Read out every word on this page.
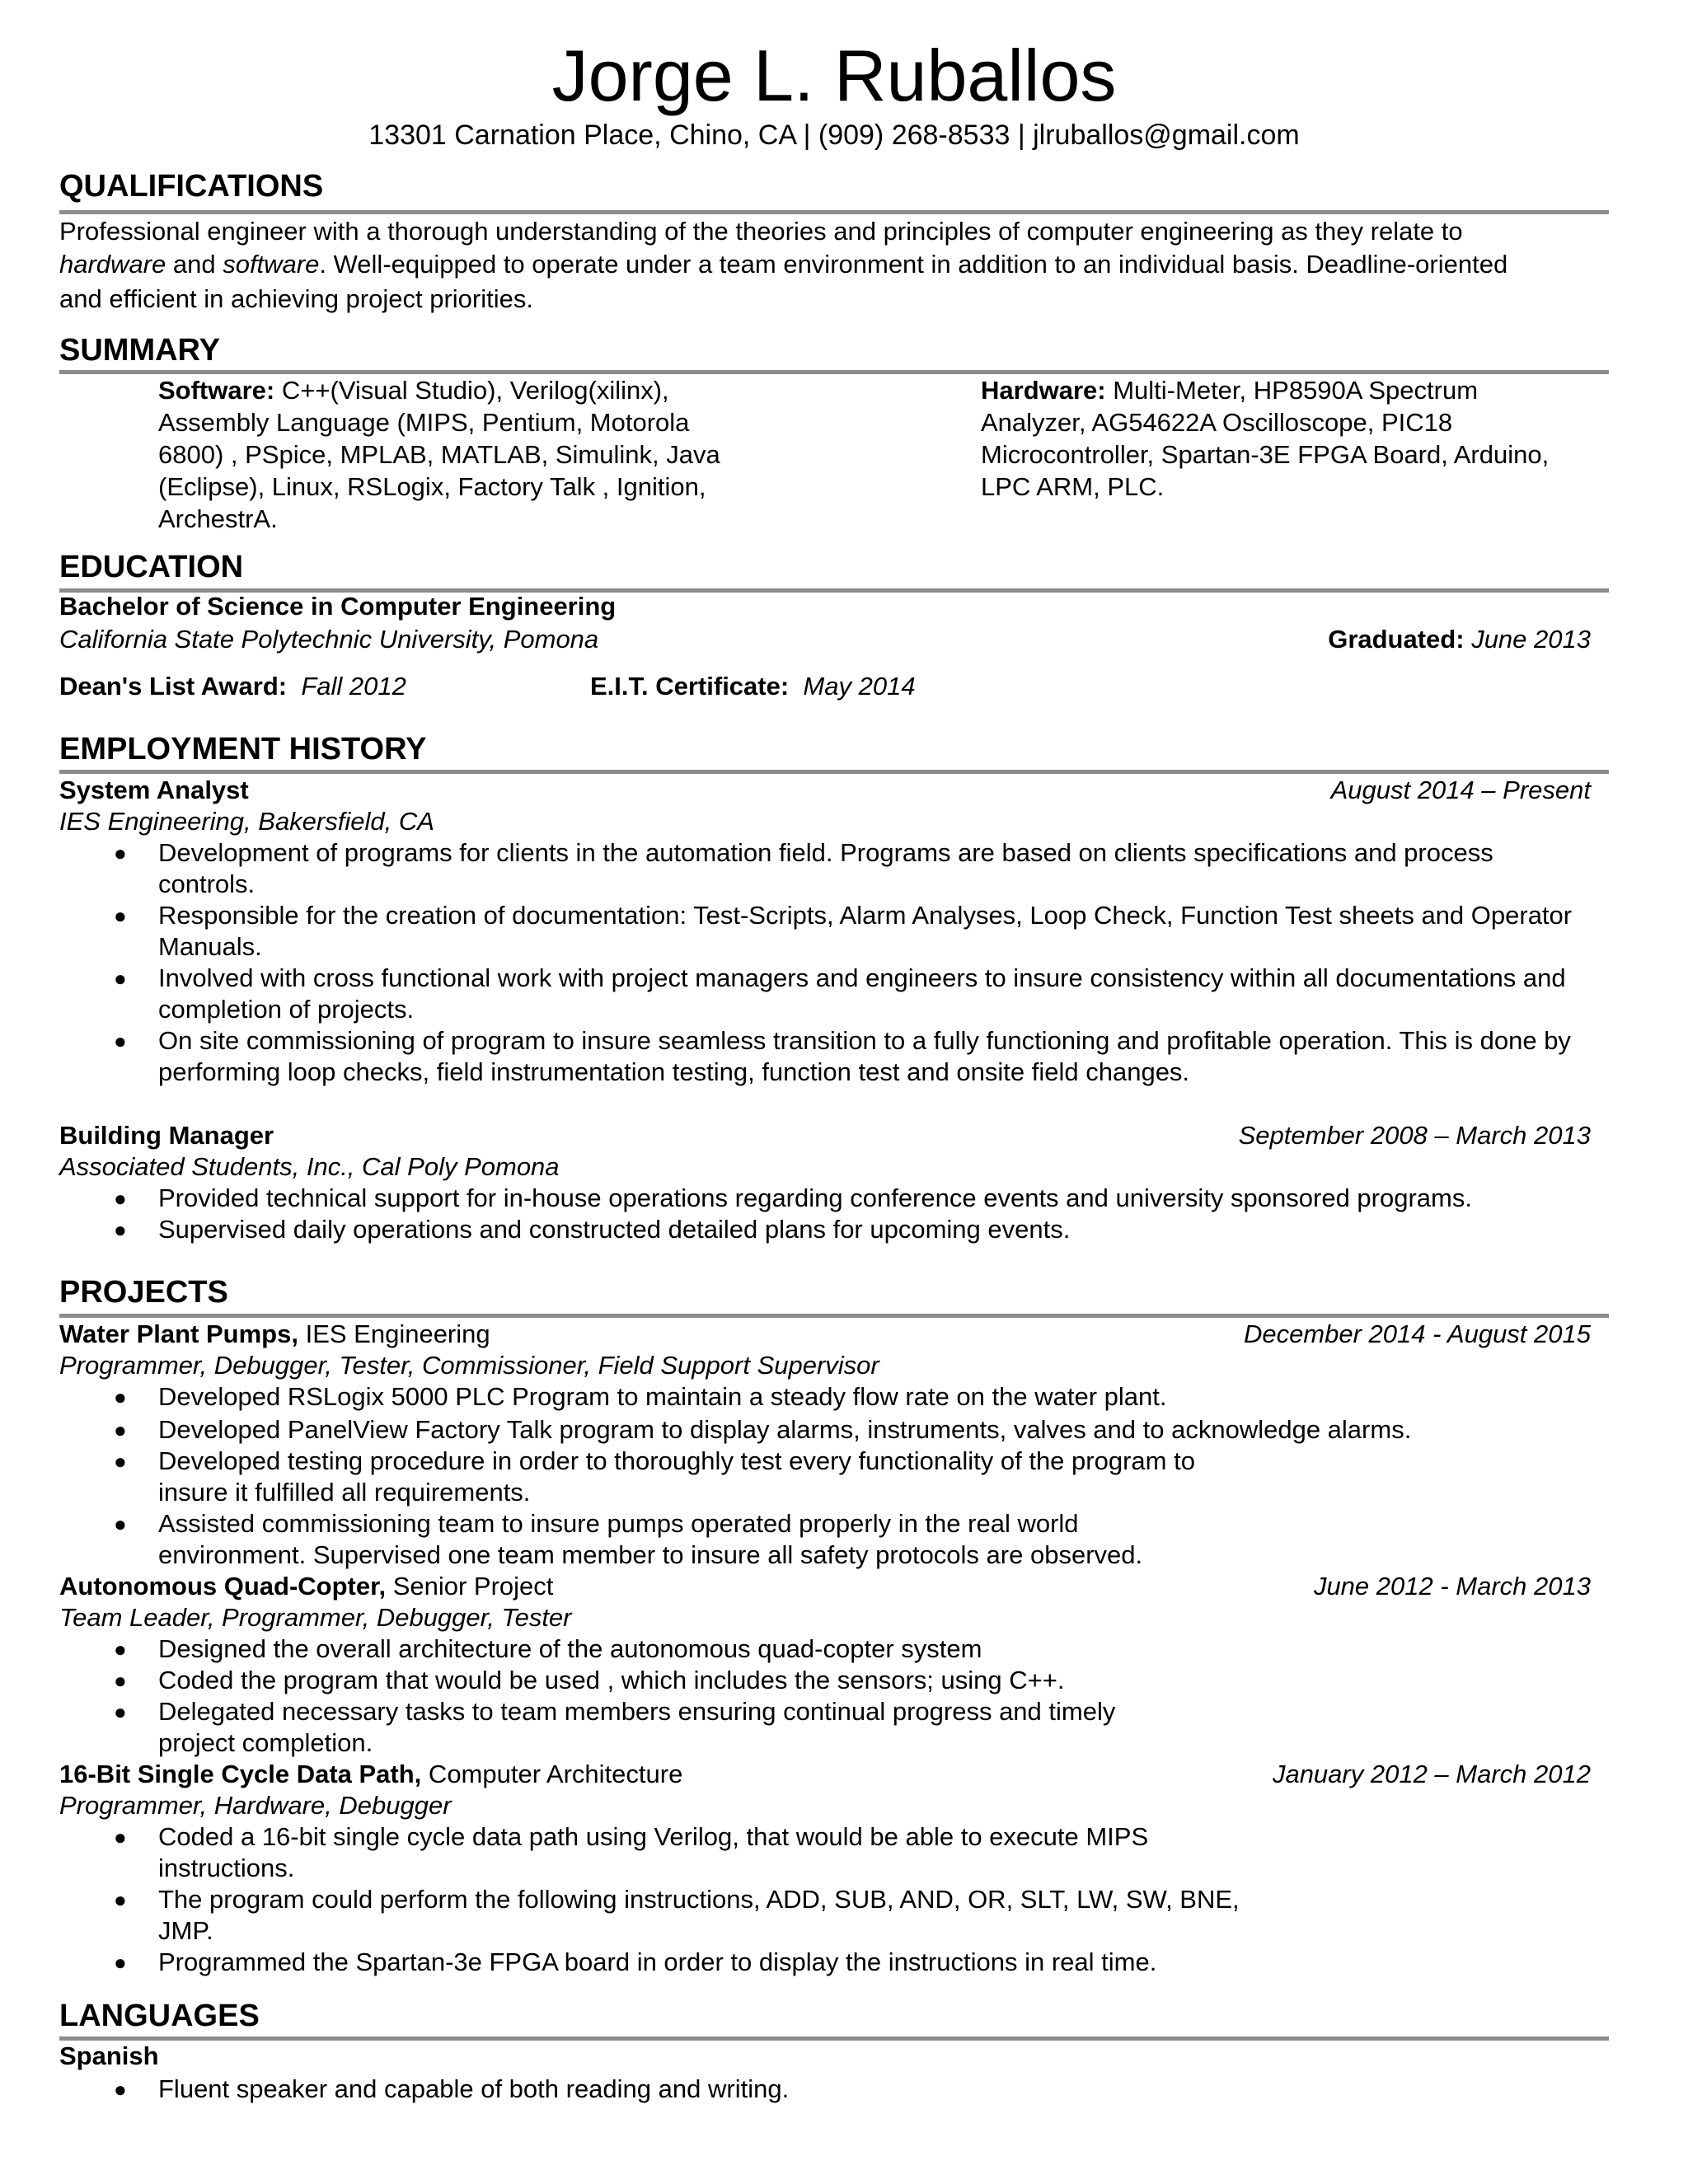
Jorge L. Ruballos
13301 Carnation Place, Chino, CA | (909) 268-8533 | jlruballos@gmail.com
QUALIFICATIONS
Professional engineer with a thorough understanding of the theories and principles of computer engineering as they relate to
hardware and software. Well-equipped to operate under a team environment in addition to an individual basis. Deadline-oriented
and efficient in achieving project priorities.
SUMMARY
Software: C++(Visual Studio), Verilog(xilinx),
Assembly Language (MIPS, Pentium, Motorola
6800) , PSpice, MPLAB, MATLAB, Simulink, Java
(Eclipse), Linux, RSLogix, Factory Talk , Ignition,
ArchestrA.
Hardware: Multi-Meter, HP8590A Spectrum
Analyzer, AG54622A Oscilloscope, PIC18
Microcontroller, Spartan-3E FPGA Board, Arduino,
LPC ARM, PLC.
EDUCATION
Bachelor of Science in Computer Engineering
California State Polytechnic University, Pomona	Graduated: June 2013
Dean's List Award: Fall 2012	E.I.T. Certificate: May 2014
EMPLOYMENT HISTORY
System Analyst	August 2014 – Present
IES Engineering, Bakersfield, CA
● Development of programs for clients in the automation field. Programs are based on clients specifications and process controls.
● Responsible for the creation of documentation: Test-Scripts, Alarm Analyses, Loop Check, Function Test sheets and Operator Manuals.
● Involved with cross functional work with project managers and engineers to insure consistency within all documentations and completion of projects.
● On site commissioning of program to insure seamless transition to a fully functioning and profitable operation. This is done by performing loop checks, field instrumentation testing, function test and onsite field changes.
Building Manager	September 2008 – March 2013
Associated Students, Inc., Cal Poly Pomona
● Provided technical support for in-house operations regarding conference events and university sponsored programs.
● Supervised daily operations and constructed detailed plans for upcoming events.
PROJECTS
Water Plant Pumps, IES Engineering	December 2014 - August 2015
Programmer, Debugger, Tester, Commissioner, Field Support Supervisor
● Developed RSLogix 5000 PLC Program to maintain a steady flow rate on the water plant.
● Developed PanelView Factory Talk program to display alarms, instruments, valves and to acknowledge alarms.
● Developed testing procedure in order to thoroughly test every functionality of the program to insure it fulfilled all requirements.
● Assisted commissioning team to insure pumps operated properly in the real world environment. Supervised one team member to insure all safety protocols are observed.
Autonomous Quad-Copter, Senior Project	June 2012 - March 2013
Team Leader, Programmer, Debugger, Tester
● Designed the overall architecture of the autonomous quad-copter system
● Coded the program that would be used , which includes the sensors; using C++.
● Delegated necessary tasks to team members ensuring continual progress and timely project completion.
16-Bit Single Cycle Data Path, Computer Architecture	January 2012 – March 2012
Programmer, Hardware, Debugger
● Coded a 16-bit single cycle data path using Verilog, that would be able to execute MIPS instructions.
● The program could perform the following instructions, ADD, SUB, AND, OR, SLT, LW, SW, BNE, JMP.
● Programmed the Spartan-3e FPGA board in order to display the instructions in real time.
LANGUAGES
Spanish
● Fluent speaker and capable of both reading and writing.
